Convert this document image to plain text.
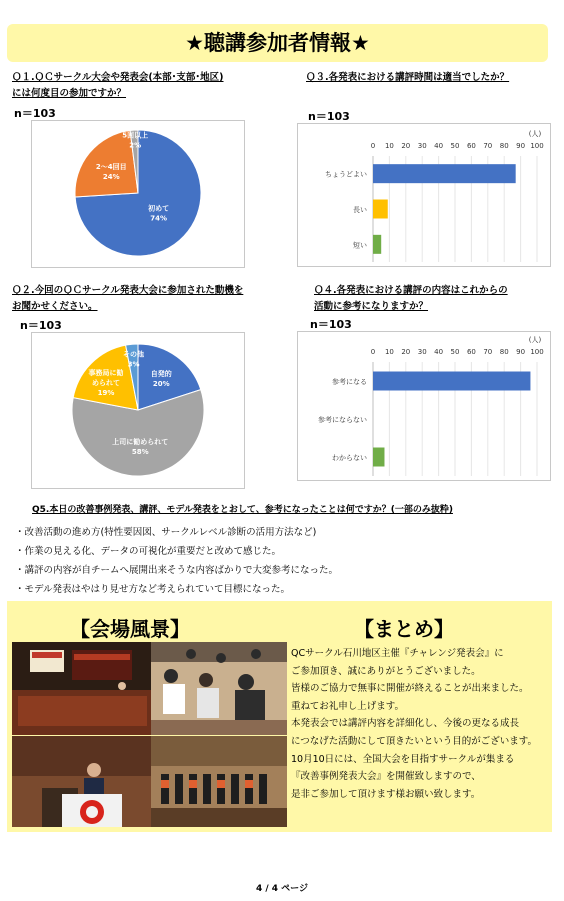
★聴講参加者情報★
Ｑ１.ＱＣサークル大会や発表会(本部･支部･地区)
には何度目の参加ですか？
n＝103
初めて
74%
2～4回目
24%
5回以上
2%
Ｑ３.各発表における講評時間は適当でしたか？
n＝103
(人)
0 10 20 30 40 50 60 70 80 90 100
ちょうどよい
長い
短い
Ｑ２.今回のＱＣサークル発表大会に参加された動機を
お聞かせください。
n＝103
自発的
20%
上司に勧められて
58%
事務局に勧
められて
19%
その他
3%
Ｑ４.各発表における講評の内容はこれからの
活動に参考になりますか？
n＝103
(人)
0 10 20 30 40 50 60 70 80 90 100
参考になる
参考にならない
わからない
Q5.本日の改善事例発表、講評、モデル発表をとおして、参考になったことは何ですか？(一部のみ抜粋)
・改善活動の進め方(特性要因図、サークルレベル診断の活用方法など)
・作業の見える化、データの可視化が重要だと改めて感じた。
・講評の内容が自チームへ展開出来そうな内容ばかりで大変参考になった。
・モデル発表はやはり見せ方など考えられていて目標になった。
【会場風景】	【まとめ】
QCサークル石川地区主催『チャレンジ発表会』に
ご参加頂き、誠にありがとうございました。
皆様のご協力で無事に開催が終えることが出来ました。
重ねてお礼申し上げます。
本発表会では講評内容を詳細化し、今後の更なる成長
につなげた活動にして頂きたいという目的がございます。
10月10日には、全国大会を目指すサークルが集まる
『改善事例発表大会』を開催致しますので、
是非ご参加して頂けます様お願い致します。
4 / 4 ページ
